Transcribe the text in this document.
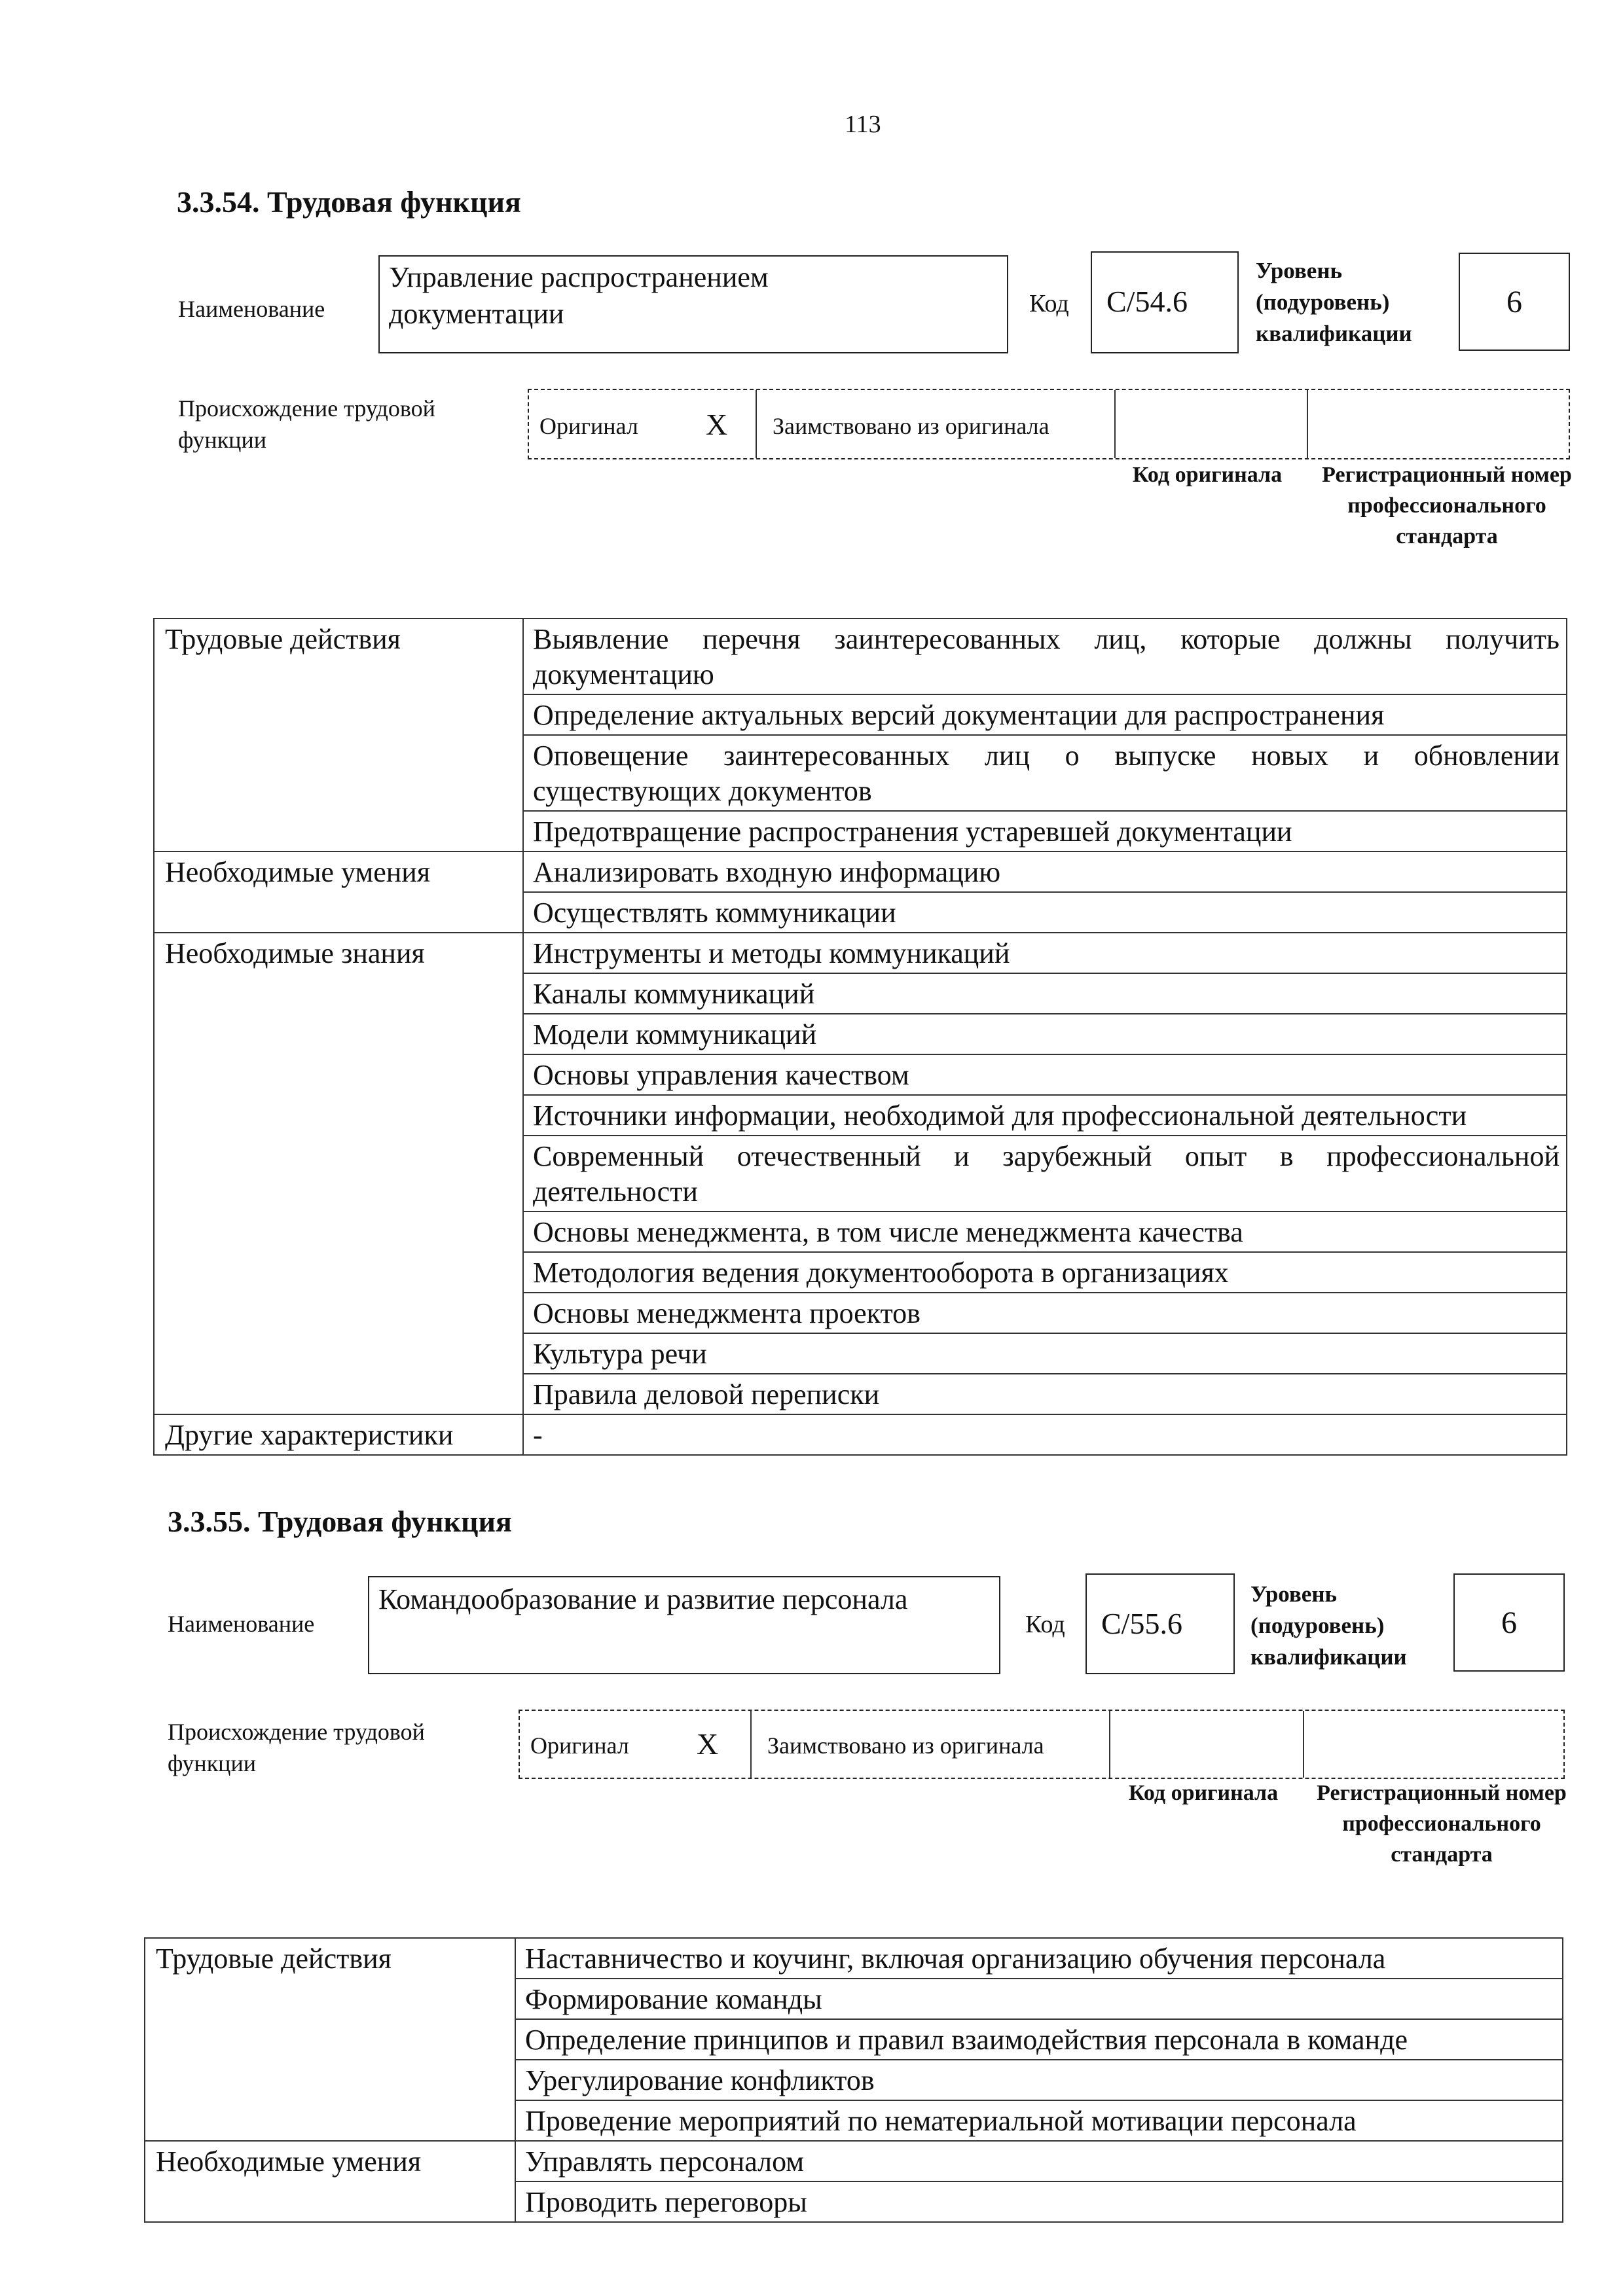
113
3.3.54. Трудовая функция
Наименование
Управление распространением документации	Код	C/54.6
Уровень (подуровень) квалификации
6
Происхождение трудовой функции
Оригинал X Заимствовано из оригинала
Код оригинала	Регистрационный номер профессионального стандарта
Трудовые действия	Выявление перечня заинтересованных лиц, которые должны получить документацию
	Определение актуальных версий документации для распространения
	Оповещение заинтересованных лиц о выпуске новых и обновлении существующих документов
	Предотвращение распространения устаревшей документации
Необходимые умения	Анализировать входную информацию
	Осуществлять коммуникации
Необходимые знания	Инструменты и методы коммуникаций
	Каналы коммуникаций
	Модели коммуникаций
	Основы управления качеством
	Источники информации, необходимой для профессиональной деятельности
	Современный отечественный и зарубежный опыт в профессиональной деятельности
	Основы менеджмента, в том числе менеджмента качества
	Методология ведения документооборота в организациях
	Основы менеджмента проектов
	Культура речи
	Правила деловой переписки
Другие характеристики	-
3.3.55. Трудовая функция
Наименование
Командообразование и развитие персонала
Код	C/55.6
Уровень (подуровень) квалификации
6
Происхождение трудовой функции
Оригинал X Заимствовано из оригинала
Код оригинала	Регистрационный номер профессионального стандарта
Трудовые действия	Наставничество и коучинг, включая организацию обучения персонала
	Формирование команды
	Определение принципов и правил взаимодействия персонала в команде
	Урегулирование конфликтов
	Проведение мероприятий по нематериальной мотивации персонала
Необходимые умения	Управлять персоналом
	Проводить переговоры
